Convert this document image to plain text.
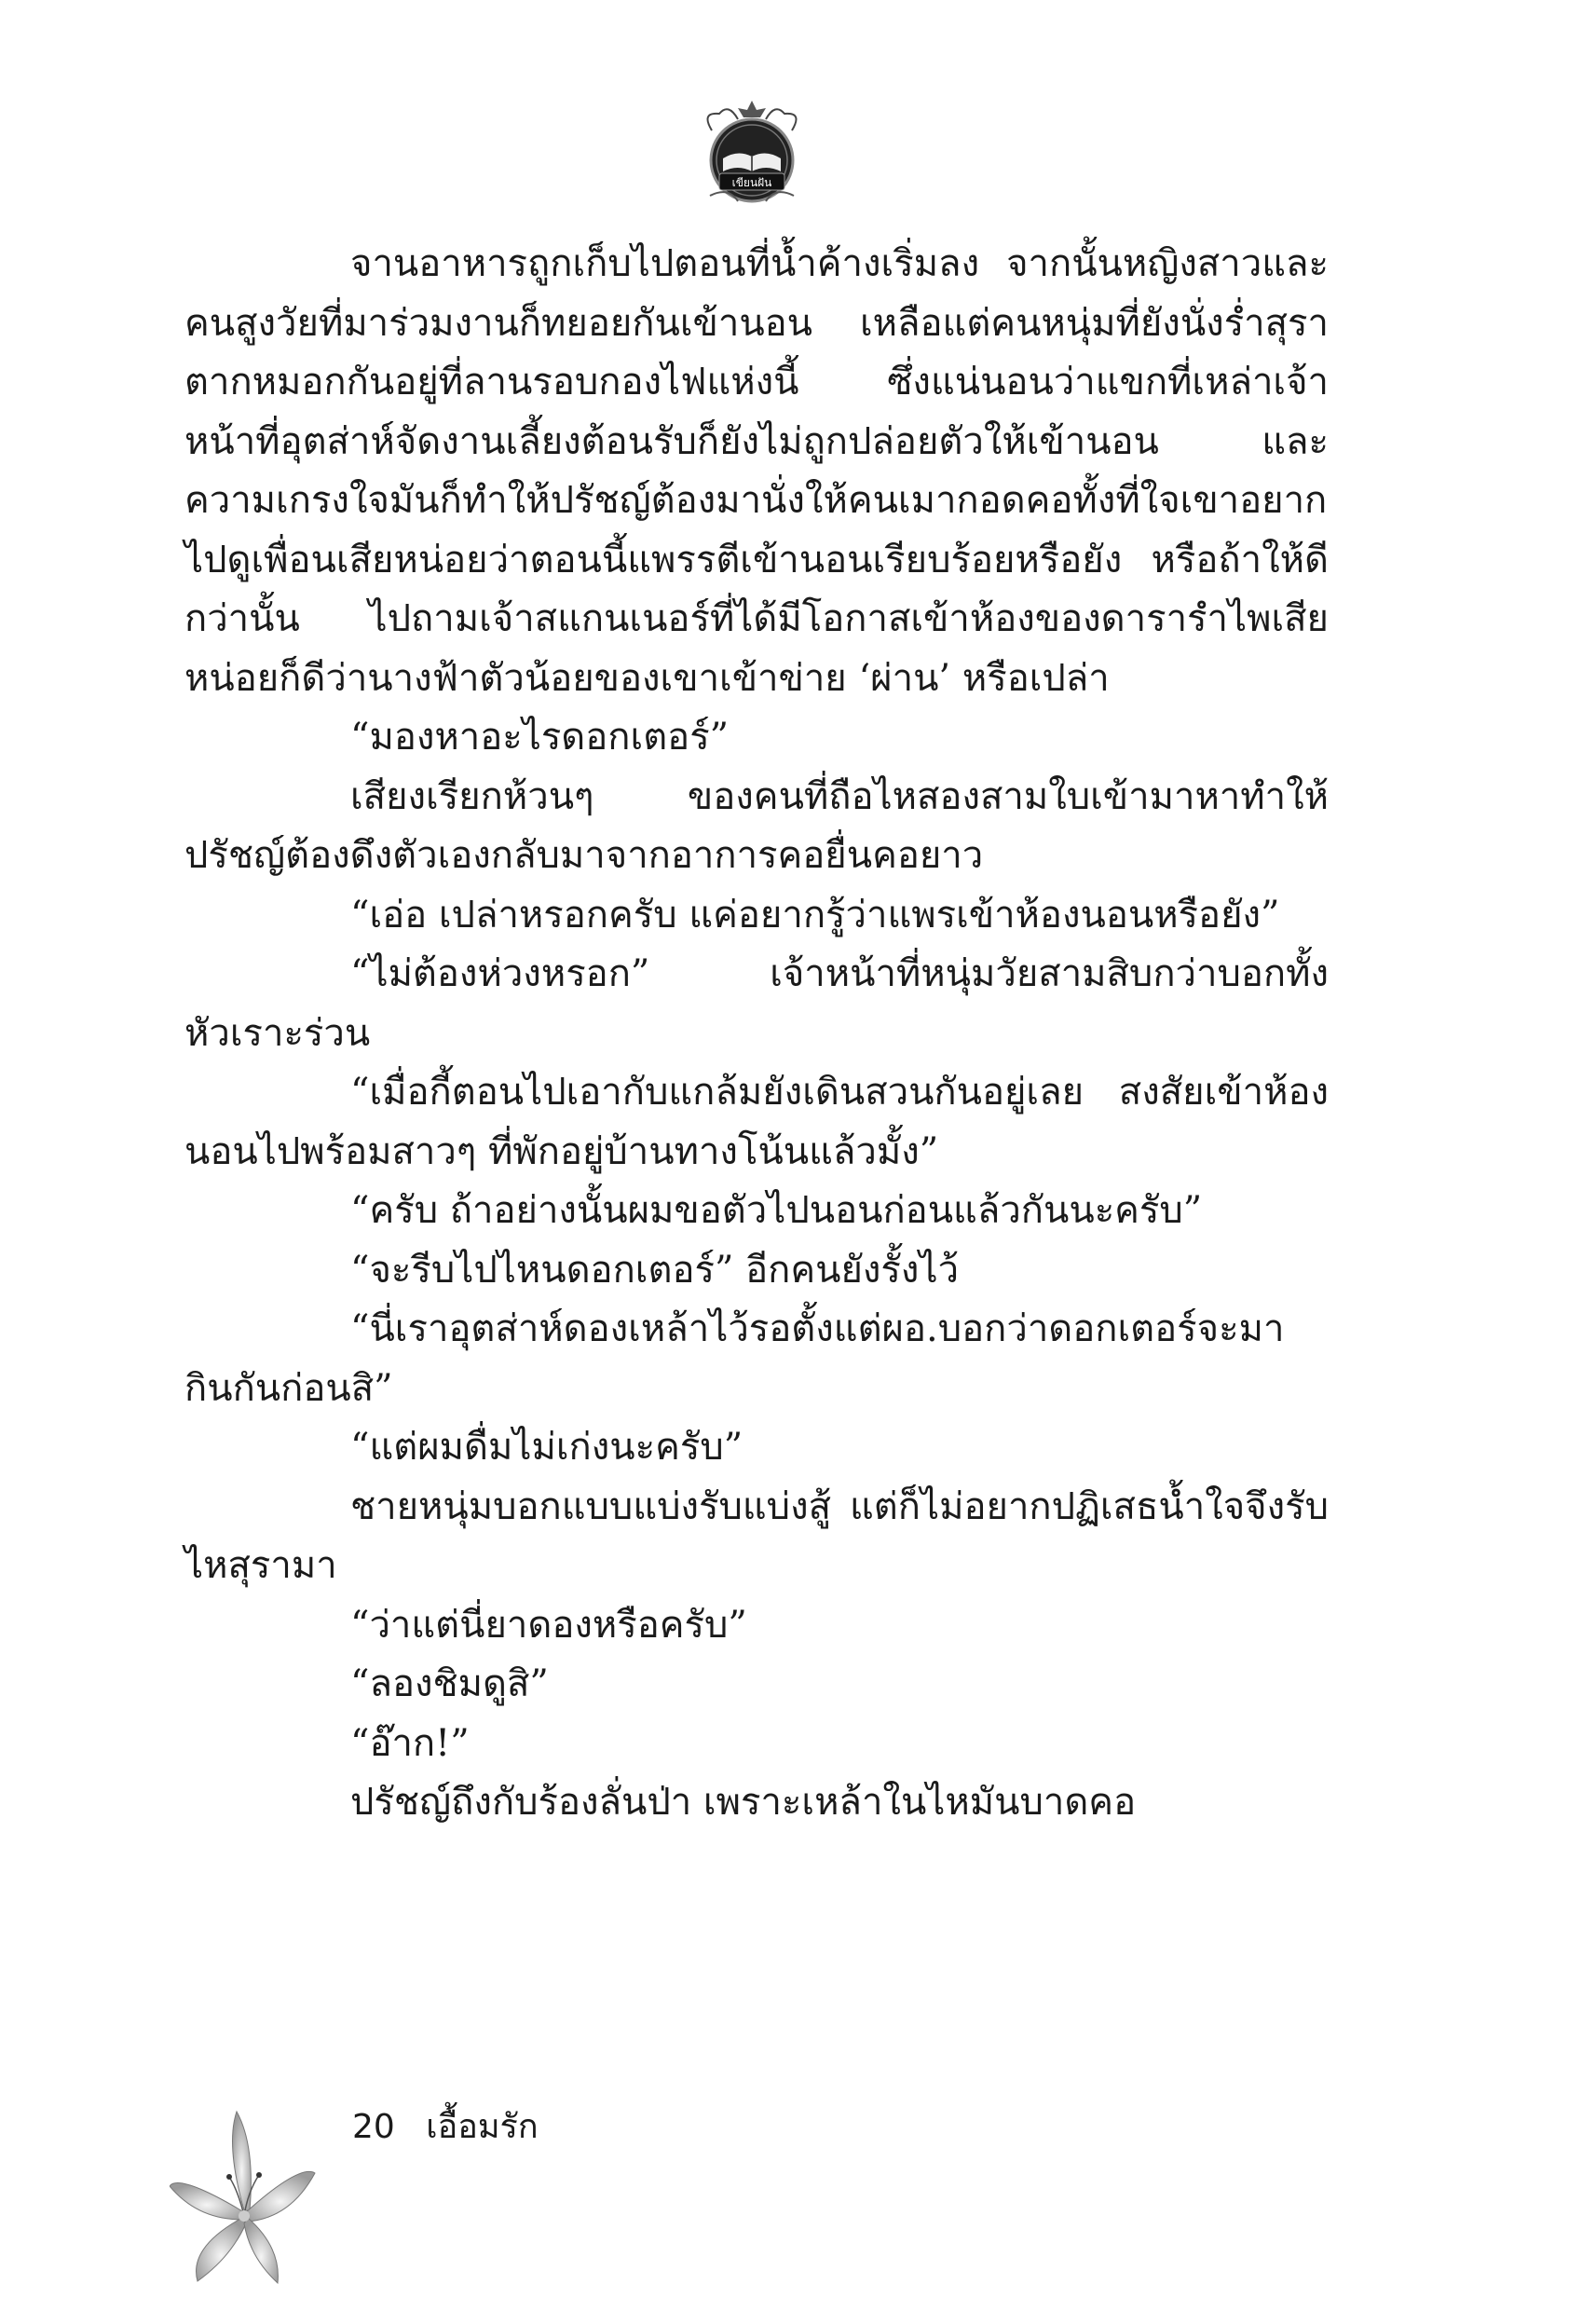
เขียนฝัน

จานอาหารถูกเก็บไปตอนที่น้ำค้างเริ่มลง จากนั้นหญิงสาวและคนสูงวัยที่มาร่วมงานก็ทยอยกันเข้านอน เหลือแต่คนหนุ่มที่ยังนั่งร่ำสุราตากหมอกกันอยู่ที่ลานรอบกองไฟแห่งนี้ ซึ่งแน่นอนว่าแขกที่เหล่าเจ้าหน้าที่อุตส่าห์จัดงานเลี้ยงต้อนรับก็ยังไม่ถูกปล่อยตัวให้เข้านอน และความเกรงใจมันก็ทำให้ปรัชญ์ต้องมานั่งให้คนเมากอดคอทั้งที่ใจเขาอยากไปดูเพื่อนเสียหน่อยว่าตอนนี้แพรรตีเข้านอนเรียบร้อยหรือยัง หรือถ้าให้ดีกว่านั้น ไปถามเจ้าสแกนเนอร์ที่ได้มีโอกาสเข้าห้องของดารารำไพเสียหน่อยก็ดีว่านางฟ้าตัวน้อยของเขาเข้าข่าย ‘ผ่าน’ หรือเปล่า

“มองหาอะไรดอกเตอร์”

เสียงเรียกห้วนๆ ของคนที่ถือไหสองสามใบเข้ามาหาทำให้ปรัชญ์ต้องดึงตัวเองกลับมาจากอาการคอยื่นคอยาว

“เอ่อ เปล่าหรอกครับ แค่อยากรู้ว่าแพรเข้าห้องนอนหรือยัง”

“ไม่ต้องห่วงหรอก” เจ้าหน้าที่หนุ่มวัยสามสิบกว่าบอกทั้งหัวเราะร่วน

“เมื่อกี้ตอนไปเอากับแกล้มยังเดินสวนกันอยู่เลย สงสัยเข้าห้องนอนไปพร้อมสาวๆ ที่พักอยู่บ้านทางโน้นแล้วมั้ง”

“ครับ ถ้าอย่างนั้นผมขอตัวไปนอนก่อนแล้วกันนะครับ”

“จะรีบไปไหนดอกเตอร์” อีกคนยังรั้งไว้

“นี่เราอุตส่าห์ดองเหล้าไว้รอตั้งแต่ผอ.บอกว่าดอกเตอร์จะมา กินกันก่อนสิ”

“แต่ผมดื่มไม่เก่งนะครับ”

ชายหนุ่มบอกแบบแบ่งรับแบ่งสู้ แต่ก็ไม่อยากปฏิเสธน้ำใจจึงรับไหสุรามา

“ว่าแต่นี่ยาดองหรือครับ”

“ลองชิมดูสิ”

“อ๊าก!”

ปรัชญ์ถึงกับร้องลั่นป่า เพราะเหล้าในไหมันบาดคอ

20 เอื้อมรัก
